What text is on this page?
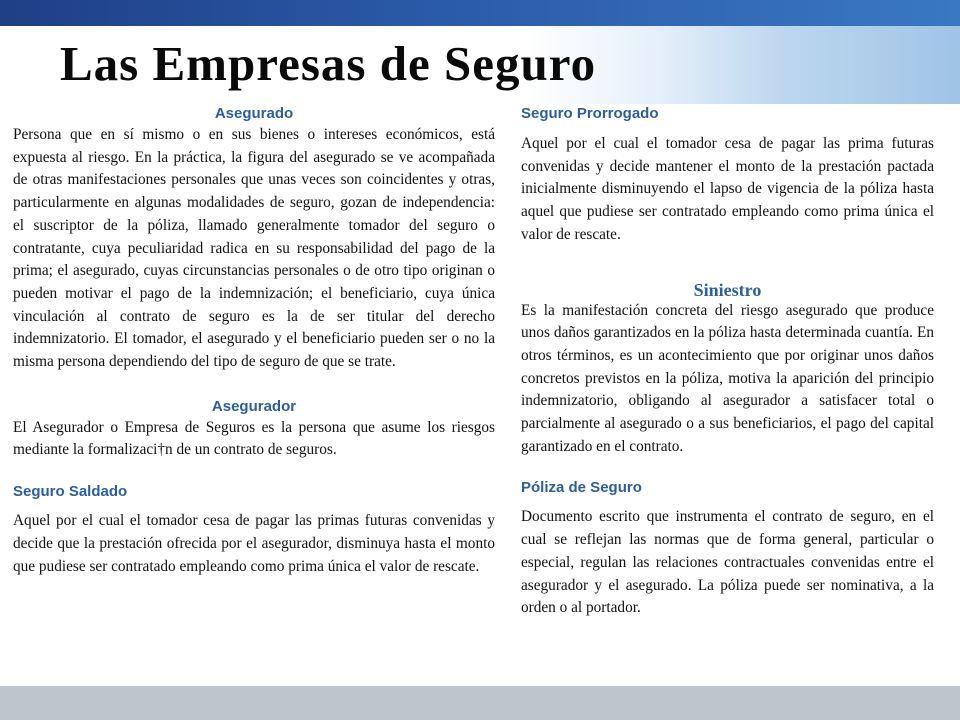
Las Empresas de Seguro
Asegurado

Persona que en sí mismo o en sus bienes o intereses económicos, está expuesta al riesgo. En la práctica, la figura del asegurado se ve acompañada de otras manifestaciones personales que unas veces son coincidentes y otras, particularmente en algunas modalidades de seguro, gozan de independencia: el suscriptor de la póliza, llamado generalmente tomador del seguro o contratante, cuya peculiaridad radica en su responsabilidad del pago de la prima; el asegurado, cuyas circunstancias personales o de otro tipo originan o pueden motivar el pago de la indemnización; el beneficiario, cuya única vinculación al contrato de seguro es la de ser titular del derecho indemnizatorio. El tomador, el asegurado y el beneficiario pueden ser o no la misma persona dependiendo del tipo de seguro de que se trate.

Asegurador

El Asegurador o Empresa de Seguros es la persona que asume los riesgos mediante la formalizaci†n de un contrato de seguros.

Seguro Saldado

Aquel por el cual el tomador cesa de pagar las primas futuras convenidas y decide que la prestación ofrecida por el asegurador, disminuya hasta el monto que pudiese ser contratado empleando como prima única el valor de rescate.

Seguro Prorrogado

Aquel por el cual el tomador cesa de pagar las prima futuras convenidas y decide mantener el monto de la prestación pactada inicialmente disminuyendo el lapso de vigencia de la póliza hasta aquel que pudiese ser contratado empleando como prima única el valor de rescate.

Siniestro

Es la manifestación concreta del riesgo asegurado que produce unos daños garantizados en la póliza hasta determinada cuantía. En otros términos, es un acontecimiento que por originar unos daños concretos previstos en la póliza, motiva la aparición del principio indemnizatorio, obligando al asegurador a satisfacer total o parcialmente al asegurado o a sus beneficiarios, el pago del capital garantizado en el contrato.

Póliza de Seguro

Documento escrito que instrumenta el contrato de seguro, en el cual se reflejan las normas que de forma general, particular o especial, regulan las relaciones contractuales convenidas entre el asegurador y el asegurado. La póliza puede ser nominativa, a la orden o al portador.
